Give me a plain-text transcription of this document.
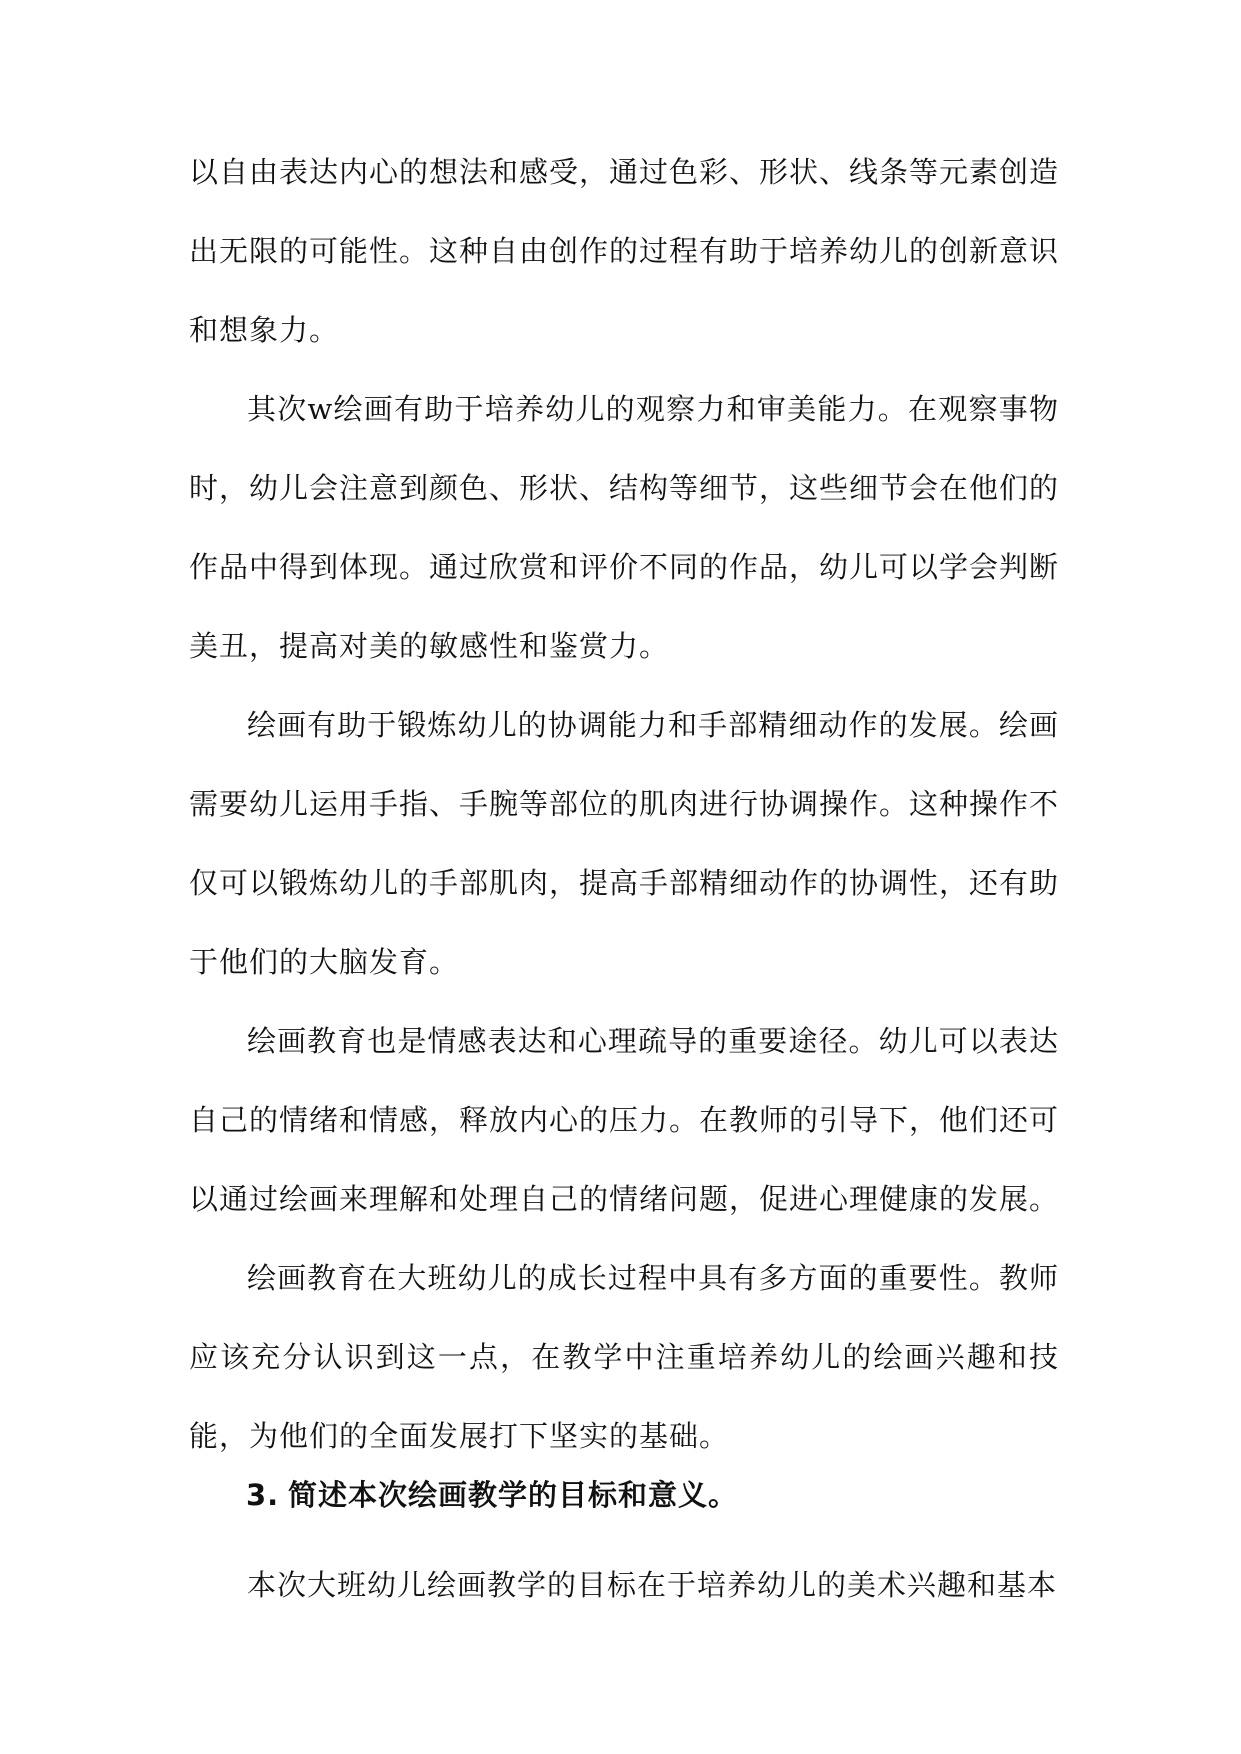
以自由表达内心的想法和感受，通过色彩、形状、线条等元素创造出无限的可能性。这种自由创作的过程有助于培养幼儿的创新意识和想象力。

其次w绘画有助于培养幼儿的观察力和审美能力。在观察事物时，幼儿会注意到颜色、形状、结构等细节，这些细节会在他们的作品中得到体现。通过欣赏和评价不同的作品，幼儿可以学会判断美丑，提高对美的敏感性和鉴赏力。

绘画有助于锻炼幼儿的协调能力和手部精细动作的发展。绘画需要幼儿运用手指、手腕等部位的肌肉进行协调操作。这种操作不仅可以锻炼幼儿的手部肌肉，提高手部精细动作的协调性，还有助于他们的大脑发育。

绘画教育也是情感表达和心理疏导的重要途径。幼儿可以表达自己的情绪和情感，释放内心的压力。在教师的引导下，他们还可以通过绘画来理解和处理自己的情绪问题，促进心理健康的发展。

绘画教育在大班幼儿的成长过程中具有多方面的重要性。教师应该充分认识到这一点，在教学中注重培养幼儿的绘画兴趣和技能，为他们的全面发展打下坚实的基础。

3. 简述本次绘画教学的目标和意义。

本次大班幼儿绘画教学的目标在于培养幼儿的美术兴趣和基本
